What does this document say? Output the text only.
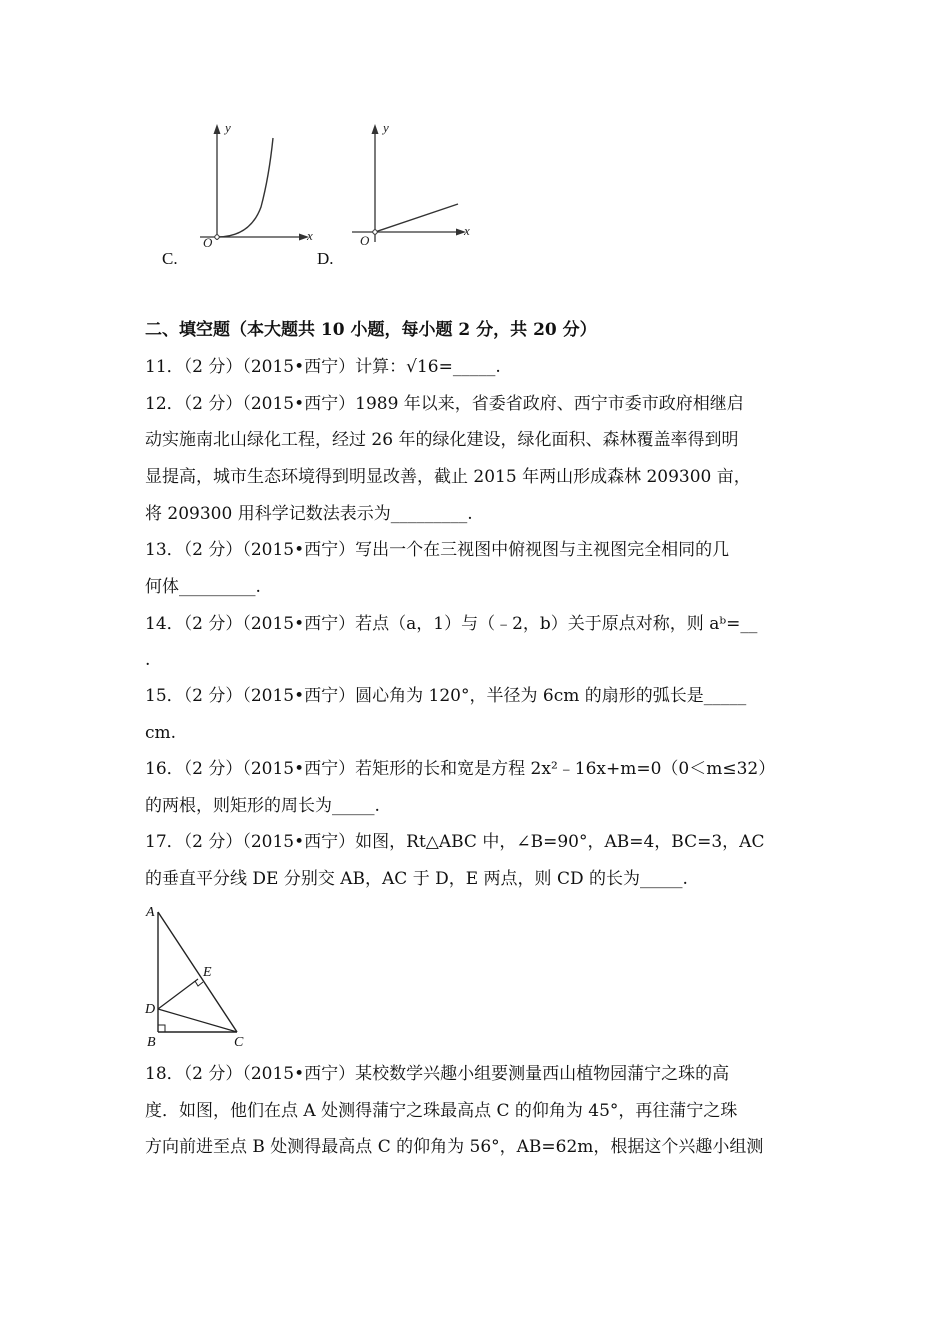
y
x
O
C.
y
x
O
D.
二、填空题（本大题共 10 小题，每小题 2 分，共 20 分）
11．（2 分）（2015•西宁）计算：√16=_____.
12．（2 分）（2015•西宁）1989 年以来，省委省政府、西宁市委市政府相继启
动实施南北山绿化工程，经过 26 年的绿化建设，绿化面积、森林覆盖率得到明
显提高，城市生态环境得到明显改善，截止 2015 年两山形成森林 209300 亩，
将 209300 用科学记数法表示为_________.
13．（2 分）（2015•西宁）写出一个在三视图中俯视图与主视图完全相同的几
何体_________.
14．（2 分）（2015•西宁）若点（a，1）与（﹣2，b）关于原点对称，则 aᵇ=__
.
15．（2 分）（2015•西宁）圆心角为 120°，半径为 6cm 的扇形的弧长是_____
cm.
16．（2 分）（2015•西宁）若矩形的长和宽是方程 2x²﹣16x+m=0（0＜m≤32）
的两根，则矩形的周长为_____.
17．（2 分）（2015•西宁）如图，Rt△ABC 中，∠B=90°，AB=4，BC=3，AC
的垂直平分线 DE 分别交 AB，AC 于 D，E 两点，则 CD 的长为_____.
A
E
D
B	C
18．（2 分）（2015•西宁）某校数学兴趣小组要测量西山植物园蒲宁之珠的高
度．如图，他们在点 A 处测得蒲宁之珠最高点 C 的仰角为 45°，再往蒲宁之珠
方向前进至点 B 处测得最高点 C 的仰角为 56°，AB=62m，根据这个兴趣小组测
